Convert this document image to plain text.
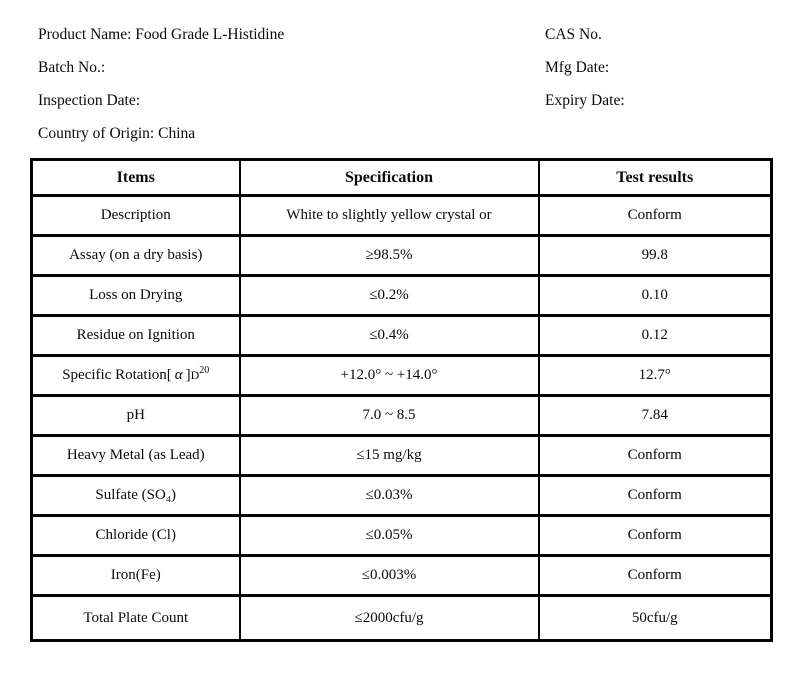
Product Name: Food Grade L-Histidine	CAS No.
Batch No.:	Mfg Date:
Inspection Date:	Expiry Date:
Country of Origin: China
Items	Specification	Test results
Description	White to slightly yellow crystal or	Conform
Assay (on a dry basis)	≥98.5%	99.8
Loss on Drying	≤0.2%	0.10
Residue on Ignition	≤0.4%	0.12
Specific Rotation[ α ]$D^{20}$	+12.0° ~ +14.0°	12.7°
pH	7.0 ~ 8.5	7.84
Heavy Metal (as Lead)	≤15 mg/kg	Conform
Sulfate (SO₄)	≤0.03%	Conform
Chloride (Cl)	≤0.05%	Conform
Iron(Fe)	≤0.003%	Conform
Total Plate Count	≤2000cfu/g	50cfu/g
